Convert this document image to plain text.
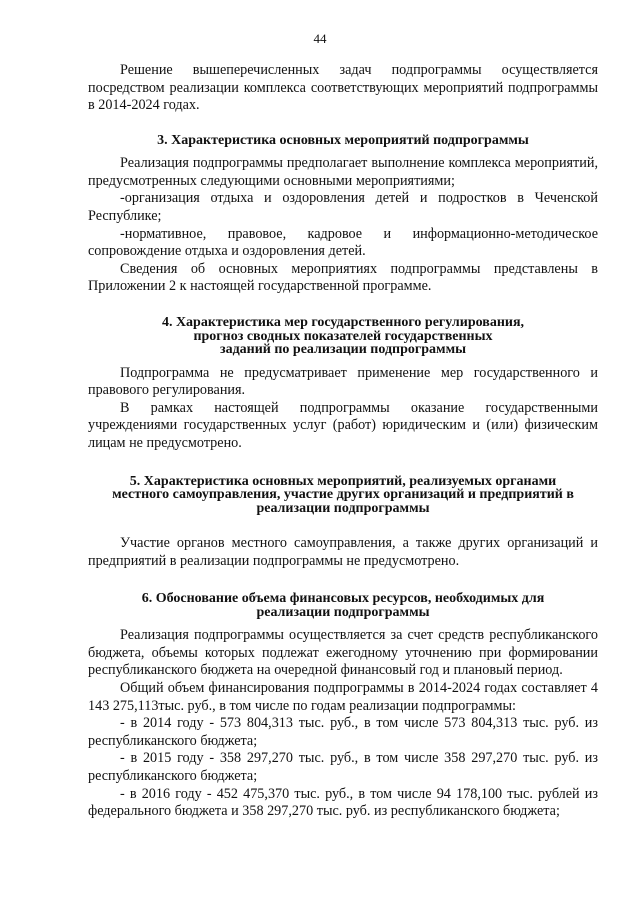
44

Решение вышеперечисленных задач подпрограммы осуществляется посредством реализации комплекса соответствующих мероприятий подпрограммы в 2014-2024 годах.

3. Характеристика основных мероприятий подпрограммы

Реализация подпрограммы предполагает выполнение комплекса мероприятий, предусмотренных следующими основными мероприятиями;

-организация отдыха и оздоровления детей и подростков в Чеченской Республике;

-нормативное, правовое, кадровое и информационно-методическое сопровождение отдыха и оздоровления детей.

Сведения об основных мероприятиях подпрограммы представлены в Приложении 2 к настоящей государственной программе.

4. Характеристика мер государственного регулирования,
прогноз сводных показателей государственных
заданий по реализации подпрограммы

Подпрограмма не предусматривает применение мер государственного и правового регулирования.

В рамках настоящей подпрограммы оказание государственными учреждениями государственных услуг (работ) юридическим и (или) физическим лицам не предусмотрено.

5. Характеристика основных мероприятий, реализуемых органами
местного самоуправления, участие других организаций и предприятий в
реализации подпрограммы

Участие органов местного самоуправления, а также других организаций и предприятий в реализации подпрограммы не предусмотрено.

6. Обоснование объема финансовых ресурсов, необходимых для
реализации подпрограммы

Реализация подпрограммы осуществляется за счет средств республиканского бюджета, объемы которых подлежат ежегодному уточнению при формировании республиканского бюджета на очередной финансовый год и плановый период.

Общий объем финансирования подпрограммы в 2014-2024 годах составляет 4 143 275,113тыс. руб., в том числе по годам реализации подпрограммы:

- в 2014 году - 573 804,313 тыс. руб., в том числе 573 804,313 тыс. руб. из республиканского бюджета;

- в 2015 году - 358 297,270 тыс. руб., в том числе 358 297,270 тыс. руб. из республиканского бюджета;

- в 2016 году - 452 475,370 тыс. руб., в том числе 94 178,100 тыс. рублей из федерального бюджета и 358 297,270 тыс. руб. из республиканского бюджета;
